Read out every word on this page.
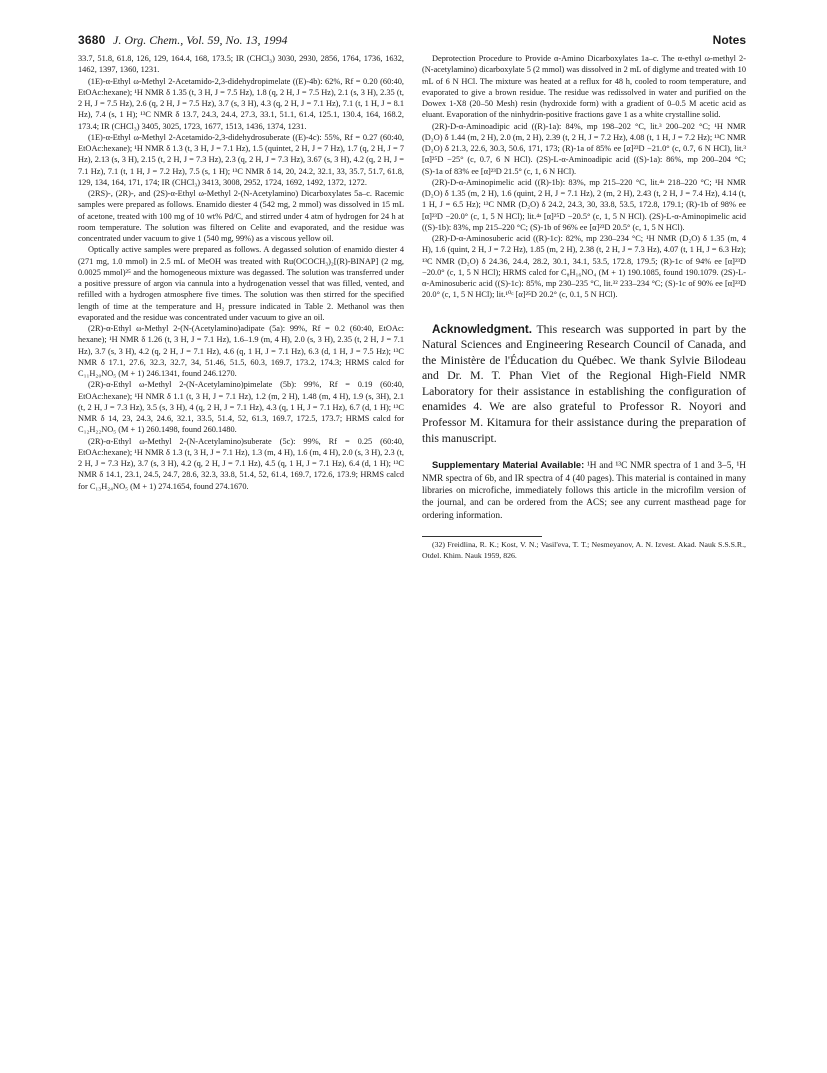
3680 J. Org. Chem., Vol. 59, No. 13, 1994	Notes

33.7, 51.8, 61.8, 126, 129, 164.4, 168, 173.5; IR (CHCl₃) 3030, 2930, 2856, 1764, 1736, 1632, 1462, 1397, 1360, 1231.

(1E)-α-Ethyl ω-Methyl 2-Acetamido-2,3-didehydropimelate ((E)-4b): 62%, Rf = 0.20 (60:40, EtOAc:hexane); ¹H NMR δ 1.35 (t, 3 H, J = 7.5 Hz), 1.8 (q, 2 H, J = 7.5 Hz), 2.1 (s, 3 H), 2.35 (t, 2 H, J = 7.5 Hz), 2.6 (q, 2 H, J = 7.5 Hz), 3.7 (s, 3 H), 4.3 (q, 2 H, J = 7.1 Hz), 7.1 (t, 1 H, J = 8.1 Hz), 7.4 (s, 1 H); ¹³C NMR δ 13.7, 24.3, 24.4, 27.3, 33.1, 51.1, 61.4, 125.1, 130.4, 164, 168.2, 173.4; IR (CHCl₃) 3405, 3025, 1723, 1677, 1513, 1436, 1374, 1231.

(1E)-α-Ethyl ω-Methyl 2-Acetamido-2,3-didehydrosuberate ((E)-4c): 55%, Rf = 0.27 (60:40, EtOAc:hexane); ¹H NMR δ 1.3 (t, 3 H, J = 7.1 Hz), 1.5 (quintet, 2 H, J = 7 Hz), 1.7 (q, 2 H, J = 7 Hz), 2.13 (s, 3 H), 2.15 (t, 2 H, J = 7.3 Hz), 2.3 (q, 2 H, J = 7.3 Hz), 3.67 (s, 3 H), 4.2 (q, 2 H, J = 7.1 Hz), 7.1 (t, 1 H, J = 7.2 Hz), 7.5 (s, 1 H); ¹³C NMR δ 14, 20, 24.2, 32.1, 33, 35.7, 51.7, 61.8, 129, 134, 164, 171, 174; IR (CHCl₃) 3413, 3008, 2952, 1724, 1692, 1492, 1372, 1272.

(2RS)-, (2R)-, and (2S)-α-Ethyl ω-Methyl 2-(N-Acetylamino) Dicarboxylates 5a–c. Racemic samples were prepared as follows. Enamido diester 4 (542 mg, 2 mmol) was dissolved in 15 mL of acetone, treated with 100 mg of 10 wt% Pd/C, and stirred under 4 atm of hydrogen for 24 h at room temperature. The solution was filtered on Celite and evaporated, and the residue was concentrated under vacuum to give 1 (540 mg, 99%) as a viscous yellow oil.

Optically active samples were prepared as follows. A degassed solution of enamido diester 4 (271 mg, 1.0 mmol) in 2.5 mL of MeOH was treated with Ru(OCOCH₃)₂[(R)-BINAP] (2 mg, 0.0025 mmol)²⁵ and the homogeneous mixture was degassed. The solution was transferred under a positive pressure of argon via cannula into a hydrogenation vessel that was filled, vented, and refilled with a hydrogen atmosphere five times. The solution was then stirred for the specified length of time at the temperature and H₂ pressure indicated in Table 2. Methanol was then evaporated and the residue was concentrated under vacuum to give an oil.

(2R)-α-Ethyl ω-Methyl 2-(N-(Acetylamino)adipate (5a): 99%, Rf = 0.2 (60:40, EtOAc: hexane); ¹H NMR δ 1.26 (t, 3 H, J = 7.1 Hz), 1.6–1.9 (m, 4 H), 2.0 (s, 3 H), 2.35 (t, 2 H, J = 7.1 Hz), 3.7 (s, 3 H), 4.2 (q, 2 H, J = 7.1 Hz), 4.6 (q, 1 H, J = 7.1 Hz), 6.3 (d, 1 H, J = 7.5 Hz); ¹³C NMR δ 17.1, 27.6, 32.3, 32.7, 34, 51.46, 51.5, 60.3, 169.7, 173.2, 174.3; HRMS calcd for C₁₁H₂₀NO₅ (M + 1) 246.1341, found 246.1270.

(2R)-α-Ethyl ω-Methyl 2-(N-Acetylamino)pimelate (5b): 99%, Rf = 0.19 (60:40, EtOAc:hexane); ¹H NMR δ 1.1 (t, 3 H, J = 7.1 Hz), 1.2 (m, 2 H), 1.48 (m, 4 H), 1.9 (s, 3H), 2.1 (t, 2 H, J = 7.3 Hz), 3.5 (s, 3 H), 4 (q, 2 H, J = 7.1 Hz), 4.3 (q, 1 H, J = 7.1 Hz), 6.7 (d, 1 H); ¹³C NMR δ 14, 23, 24.3, 24.6, 32.1, 33.5, 51.4, 52, 61.3, 169.7, 172.5, 173.7; HRMS calcd for C₁₂H₂₂NO₅ (M + 1) 260.1498, found 260.1480.

(2R)-α-Ethyl ω-Methyl 2-(N-Acetylamino)suberate (5c): 99%, Rf = 0.25 (60:40, EtOAc:hexane); ¹H NMR δ 1.3 (t, 3 H, J = 7.1 Hz), 1.3 (m, 4 H), 1.6 (m, 4 H), 2.0 (s, 3 H), 2.3 (t, 2 H, J = 7.3 Hz), 3.7 (s, 3 H), 4.2 (q, 2 H, J = 7.1 Hz), 4.5 (q, 1 H, J = 7.1 Hz), 6.4 (d, 1 H); ¹³C NMR δ 14.1, 23.1, 24.5, 24.7, 28.6, 32.3, 33.8, 51.4, 52, 61.4, 169.7, 172.6, 173.9; HRMS calcd for C₁₃H₂₄NO₅ (M + 1) 274.1654, found 274.1670.

Deprotection Procedure to Provide α-Amino Dicarboxylates 1a–c. The α-ethyl ω-methyl 2-(N-acetylamino) dicarboxylate 5 (2 mmol) was dissolved in 2 mL of diglyme and treated with 10 mL of 6 N HCl. The mixture was heated at a reflux for 48 h, cooled to room temperature, and evaporated to give a brown residue. The residue was redissolved in water and purified on the Dowex 1-X8 (20–50 Mesh) resin (hydroxide form) with a gradient of 0–0.5 M acetic acid as eluant. Evaporation of the ninhydrin-positive fractions gave 1 as a white crystalline solid.

(2R)-D-α-Aminoadipic acid ((R)-1a): 84%, mp 198–202 °C, lit.³ 200–202 °C; ¹H NMR (D₂O) δ 1.44 (m, 2 H), 2.0 (m, 2 H), 2.39 (t, 2 H, J = 7.2 Hz), 4.08 (t, 1 H, J = 7.2 Hz); ¹³C NMR (D₂O) δ 21.3, 22.6, 30.3, 50.6, 171, 173; (R)-1a of 85% ee [α]²³D −21.0° (c, 0.7, 6 N HCl), lit.³ [α]²⁵D −25° (c, 0.7, 6 N HCl). (2S)-L-α-Aminoadipic acid ((S)-1a): 86%, mp 200–204 °C; (S)-1a of 83% ee [α]²³D 21.5° (c, 1, 6 N HCl).

(2R)-D-α-Aminopimelic acid ((R)-1b): 83%, mp 215–220 °C, lit.⁴ᵃ 218–220 °C; ¹H NMR (D₂O) δ 1.35 (m, 2 H), 1.6 (quint, 2 H, J = 7.1 Hz), 2 (m, 2 H), 2.43 (t, 2 H, J = 7.4 Hz), 4.14 (t, 1 H, J = 6.5 Hz); ¹³C NMR (D₂O) δ 24.2, 24.3, 30, 33.8, 53.5, 172.8, 179.1; (R)-1b of 98% ee [α]²³D −20.0° (c, 1, 5 N HCl); lit.⁴ᵃ [α]²⁵D −20.5° (c, 1, 5 N HCl). (2S)-L-α-Aminopimelic acid ((S)-1b): 83%, mp 215–220 °C; (S)-1b of 96% ee [α]²³D 20.5° (c, 1, 5 N HCl).

(2R)-D-α-Aminosuberic acid ((R)-1c): 82%, mp 230–234 °C; ¹H NMR (D₂O) δ 1.35 (m, 4 H), 1.6 (quint, 2 H, J = 7.2 Hz), 1.85 (m, 2 H), 2.38 (t, 2 H, J = 7.3 Hz), 4.07 (t, 1 H, J = 6.3 Hz); ¹³C NMR (D₂O) δ 24.36, 24.4, 28.2, 30.1, 34.1, 53.5, 172.8, 179.5; (R)-1c of 94% ee [α]²³D −20.0° (c, 1, 5 N HCl); HRMS calcd for C₈H₁₆NO₄ (M + 1) 190.1085, found 190.1079. (2S)-L-α-Aminosuberic acid ((S)-1c): 85%, mp 230–235 °C, lit.³² 233–234 °C; (S)-1c of 90% ee [α]²³D 20.0° (c, 1, 5 N HCl); lit.¹⁰ᶜ [α]²⁵D 20.2° (c, 0.1, 5 N HCl).

Acknowledgment. This research was supported in part by the Natural Sciences and Engineering Research Council of Canada, and the Ministère de l'Éducation du Québec. We thank Sylvie Bilodeau and Dr. M. T. Phan Viet of the Regional High-Field NMR Laboratory for their assistance in establishing the configuration of enamides 4. We are also grateful to Professor R. Noyori and Professor M. Kitamura for their assistance during the preparation of this manuscript.

Supplementary Material Available: ¹H and ¹³C NMR spectra of 1 and 3–5, ¹H NMR spectra of 6b, and IR spectra of 4 (40 pages). This material is contained in many libraries on microfiche, immediately follows this article in the microfilm version of the journal, and can be ordered from the ACS; see any current masthead page for ordering information.

(32) Freidlina, R. K.; Kost, V. N.; Vasil'eva, T. T.; Nesmeyanov, A. N. Izvest. Akad. Nauk S.S.S.R., Otdel. Khim. Nauk 1959, 826.
